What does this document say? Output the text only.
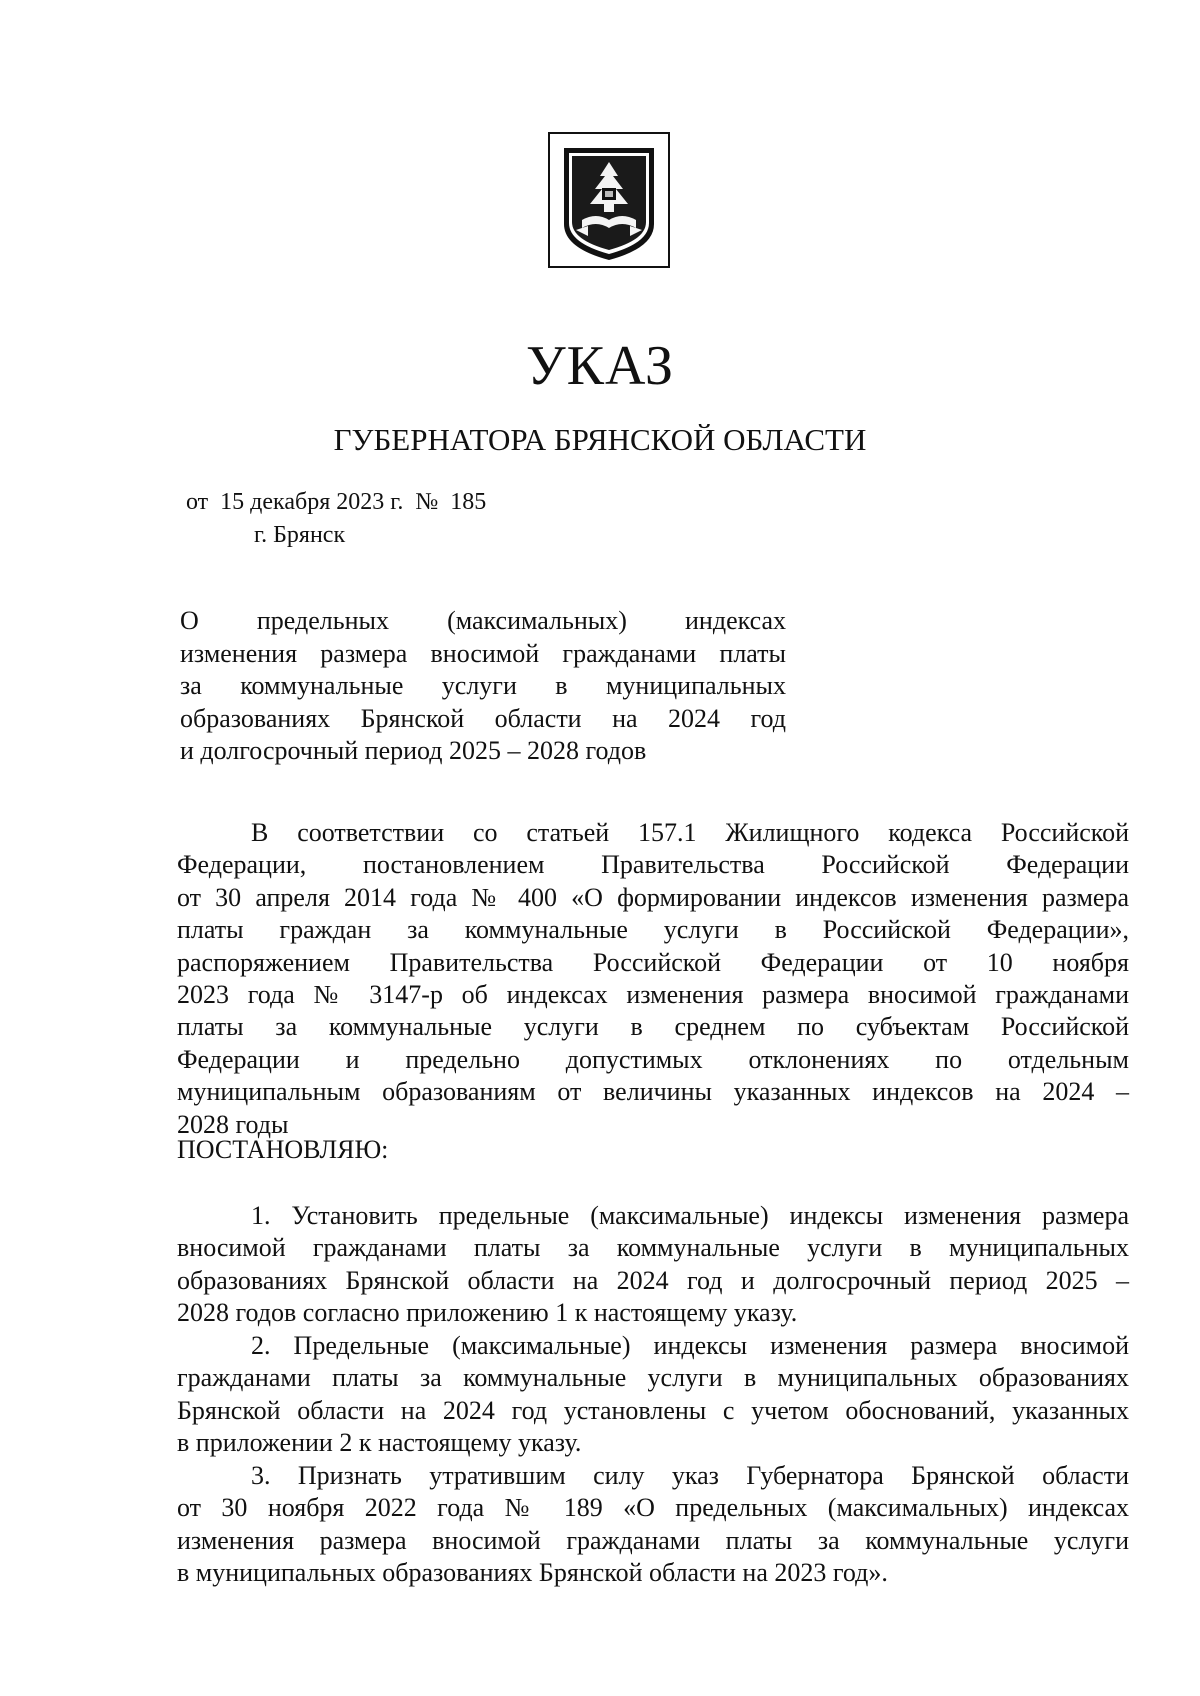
УКАЗ
ГУБЕРНАТОРА БРЯНСКОЙ ОБЛАСТИ
от  15 декабря 2023 г.  №  185
г. Брянск
О предельных (максимальных) индексах
изменения размера вносимой гражданами платы
за коммунальные услуги в муниципальных
образованиях Брянской области на 2024 год
и долгосрочный период 2025 – 2028 годов
В соответствии со статьей 157.1 Жилищного кодекса Российской
Федерации, постановлением Правительства Российской Федерации
от 30 апреля 2014 года № 400 «О формировании индексов изменения размера
платы граждан за коммунальные услуги в Российской Федерации»,
распоряжением Правительства Российской Федерации от 10 ноября
2023 года № 3147-р об индексах изменения размера вносимой гражданами
платы за коммунальные услуги в среднем по субъектам Российской
Федерации и предельно допустимых отклонениях по отдельным
муниципальным образованиям от величины указанных индексов на 2024 –
2028 годы
ПОСТАНОВЛЯЮ:
1. Установить предельные (максимальные) индексы изменения размера
вносимой гражданами платы за коммунальные услуги в муниципальных
образованиях Брянской области на 2024 год и долгосрочный период 2025 –
2028 годов согласно приложению 1 к настоящему указу.
2. Предельные (максимальные) индексы изменения размера вносимой
гражданами платы за коммунальные услуги в муниципальных образованиях
Брянской области на 2024 год установлены с учетом обоснований, указанных
в приложении 2 к настоящему указу.
3. Признать утратившим силу указ Губернатора Брянской области
от 30 ноября 2022 года № 189 «О предельных (максимальных) индексах
изменения размера вносимой гражданами платы за коммунальные услуги
в муниципальных образованиях Брянской области на 2023 год».
